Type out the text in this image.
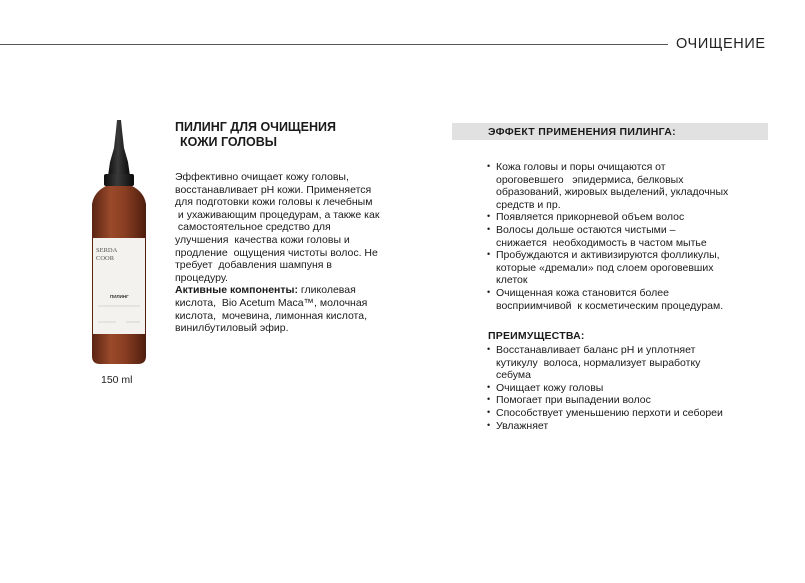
ОЧИЩЕНИЕ
SERDA
COOR
ПИЛИНГ
150 ml
ПИЛИНГ ДЛЯ ОЧИЩЕНИЯ
КОЖИ ГОЛОВЫ
Эффективно очищает кожу головы,
восстанавливает pH кожи. Применяется
для подготовки кожи головы к лечебным
и ухаживающим процедурам, а также как
самостоятельное средство для
улучшения  качества кожи головы и
продление  ощущения чистоты волос. Не
требует  добавления шампуня в
процедуру.
Активные компоненты: гликолевая
кислота,  Bio Acetum Maca™, молочная
кислота,  мочевина, лимонная кислота,
винилбутиловый эфир.
ЭФФЕКТ ПРИМЕНЕНИЯ ПИЛИНГА:
• Кожа головы и поры очищаются от
ороговевшего   эпидермиса, белковых
образований, жировых выделений, укладочных
средств и пр.
• Появляется прикорневой объем волос
• Волосы дольше остаются чистыми –
снижается  необходимость в частом мытье
• Пробуждаются и активизируются фолликулы,
которые «дремали» под слоем ороговевших
клеток
• Очищенная кожа становится более
восприимчивой  к косметическим процедурам.
ПРЕИМУЩЕСТВА:
• Восстанавливает баланс pH и уплотняет
кутикулу  волоса, нормализует выработку
себума
• Очищает кожу головы
• Помогает при выпадении волос
• Способствует уменьшению перхоти и себореи
• Увлажняет
